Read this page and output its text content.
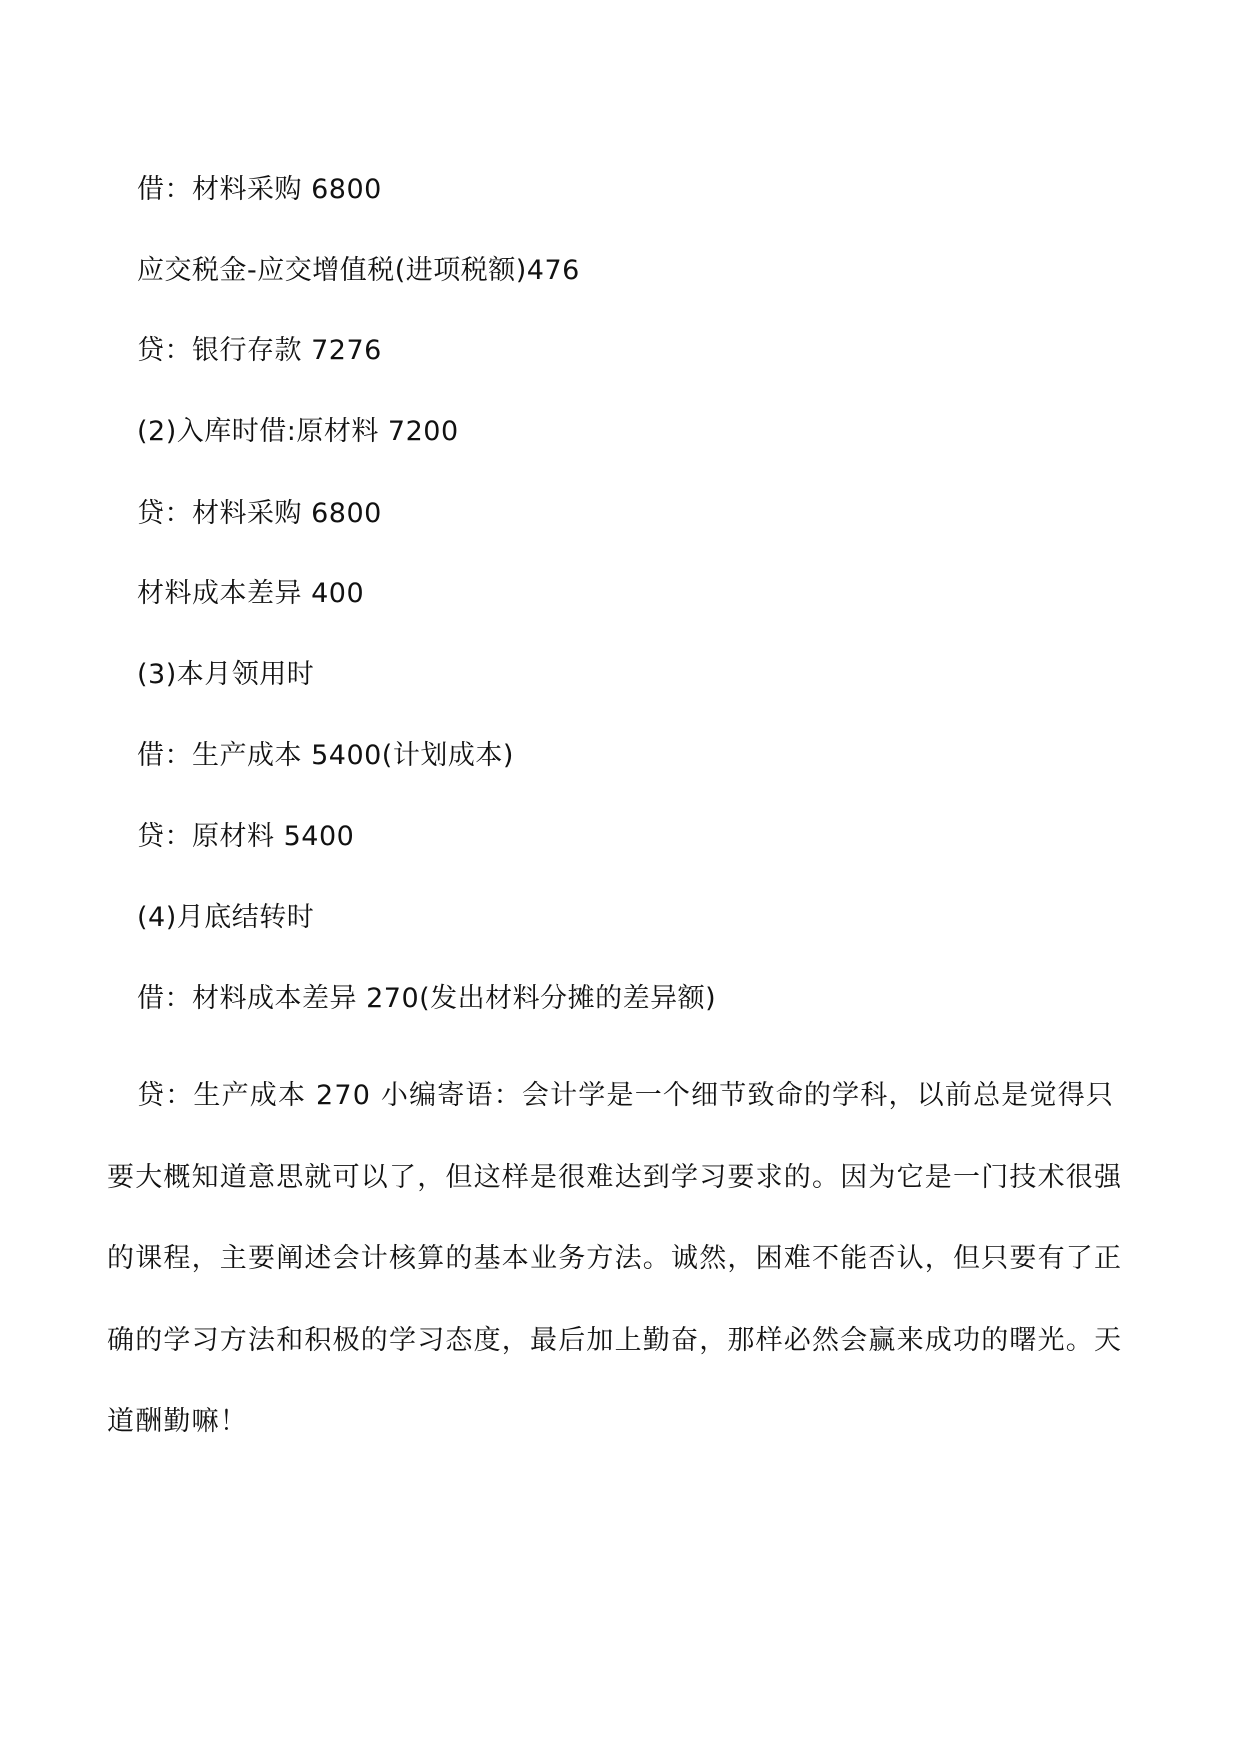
借：材料采购 6800
应交税金-应交增值税(进项税额)476
贷：银行存款 7276
(2)入库时借:原材料 7200
贷：材料采购 6800
材料成本差异 400
(3)本月领用时
借：生产成本 5400(计划成本)
贷：原材料 5400
(4)月底结转时
借：材料成本差异 270(发出材料分摊的差异额)
贷：生产成本 270 小编寄语：会计学是一个细节致命的学科，以前总是觉得只要大概知道意思就可以了，但这样是很难达到学习要求的。因为它是一门技术很强的课程，主要阐述会计核算的基本业务方法。诚然，困难不能否认，但只要有了正确的学习方法和积极的学习态度，最后加上勤奋，那样必然会赢来成功的曙光。天道酬勤嘛！
